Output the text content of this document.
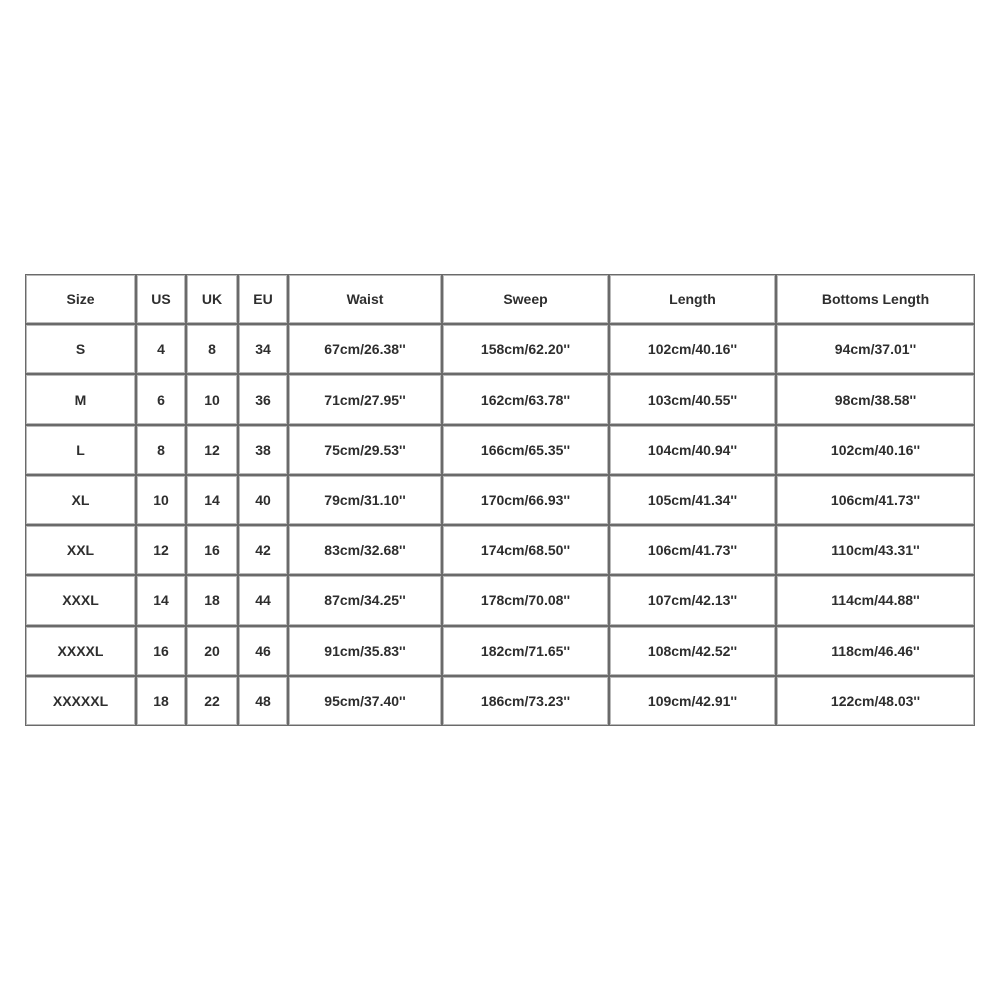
Size	US	UK	EU	Waist	Sweep	Length	Bottoms Length
S	4	8	34	67cm/26.38''	158cm/62.20''	102cm/40.16''	94cm/37.01''
M	6	10	36	71cm/27.95''	162cm/63.78''	103cm/40.55''	98cm/38.58''
L	8	12	38	75cm/29.53''	166cm/65.35''	104cm/40.94''	102cm/40.16''
XL	10	14	40	79cm/31.10''	170cm/66.93''	105cm/41.34''	106cm/41.73''
XXL	12	16	42	83cm/32.68''	174cm/68.50''	106cm/41.73''	110cm/43.31''
XXXL	14	18	44	87cm/34.25''	178cm/70.08''	107cm/42.13''	114cm/44.88''
XXXXL	16	20	46	91cm/35.83''	182cm/71.65''	108cm/42.52''	118cm/46.46''
XXXXXL	18	22	48	95cm/37.40''	186cm/73.23''	109cm/42.91''	122cm/48.03''
